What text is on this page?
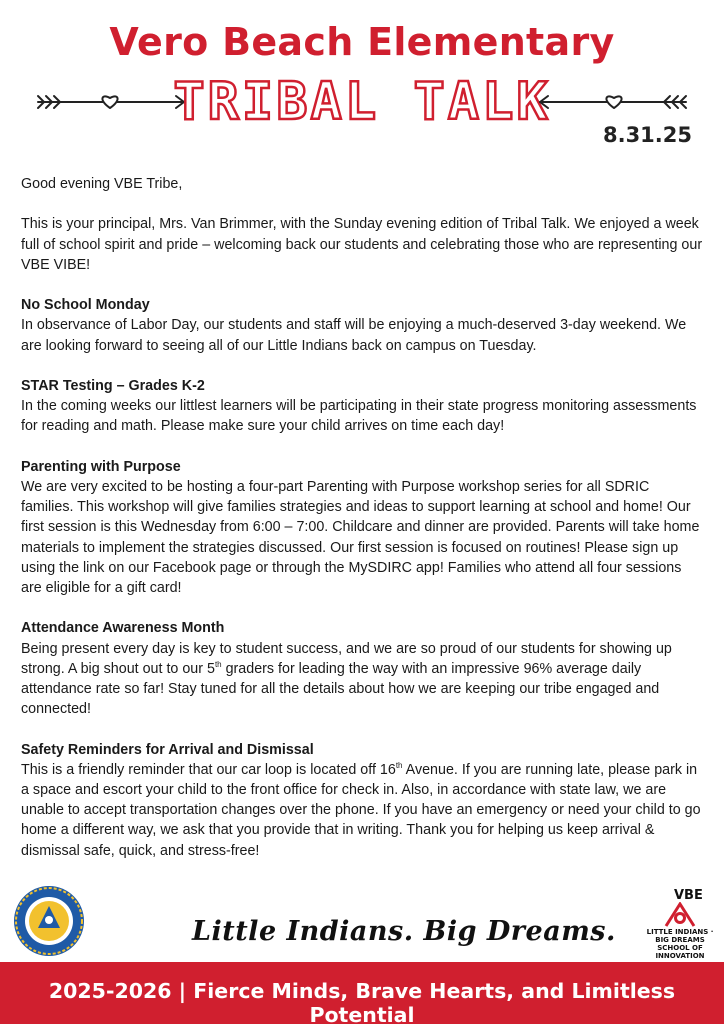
Vero Beach Elementary
TRIBAL TALK
8.31.25

Good evening VBE Tribe,

This is your principal, Mrs. Van Brimmer, with the Sunday evening edition of Tribal Talk. We enjoyed a week full of school spirit and pride – welcoming back our students and celebrating those who are representing our VBE VIBE!

No School Monday

In observance of Labor Day, our students and staff will be enjoying a much-deserved 3-day weekend. We are looking forward to seeing all of our Little Indians back on campus on Tuesday.

STAR Testing – Grades K-2

In the coming weeks our littlest learners will be participating in their state progress monitoring assessments for reading and math. Please make sure your child arrives on time each day!

Parenting with Purpose

We are very excited to be hosting a four-part Parenting with Purpose workshop series for all SDRIC families. This workshop will give families strategies and ideas to support learning at school and home! Our first session is this Wednesday from 6:00 – 7:00. Childcare and dinner are provided. Parents will take home materials to implement the strategies discussed. Our first session is focused on routines! Please sign up using the link on our Facebook page or through the MySDIRC app! Families who attend all four sessions are eligible for a gift card!

Attendance Awareness Month

Being present every day is key to student success, and we are so proud of our students for showing up strong. A big shout out to our 5th graders for leading the way with an impressive 96% average daily attendance rate so far! Stay tuned for all the details about how we are keeping our tribe engaged and connected!

Safety Reminders for Arrival and Dismissal

This is a friendly reminder that our car loop is located off 16th Avenue. If you are running late, please park in a space and escort your child to the front office for check in. Also, in accordance with state law, we are unable to accept transportation changes over the phone. If you have an emergency or need your child to go home a different way, we ask that you provide that in writing. Thank you for helping us keep arrival & dismissal safe, quick, and stress-free!

Little Indians. Big Dreams.
VBE
LITTLE INDIANS · BIG DREAMS
SCHOOL OF INNOVATION
2025-2026 | Fierce Minds, Brave Hearts, and Limitless Potential
